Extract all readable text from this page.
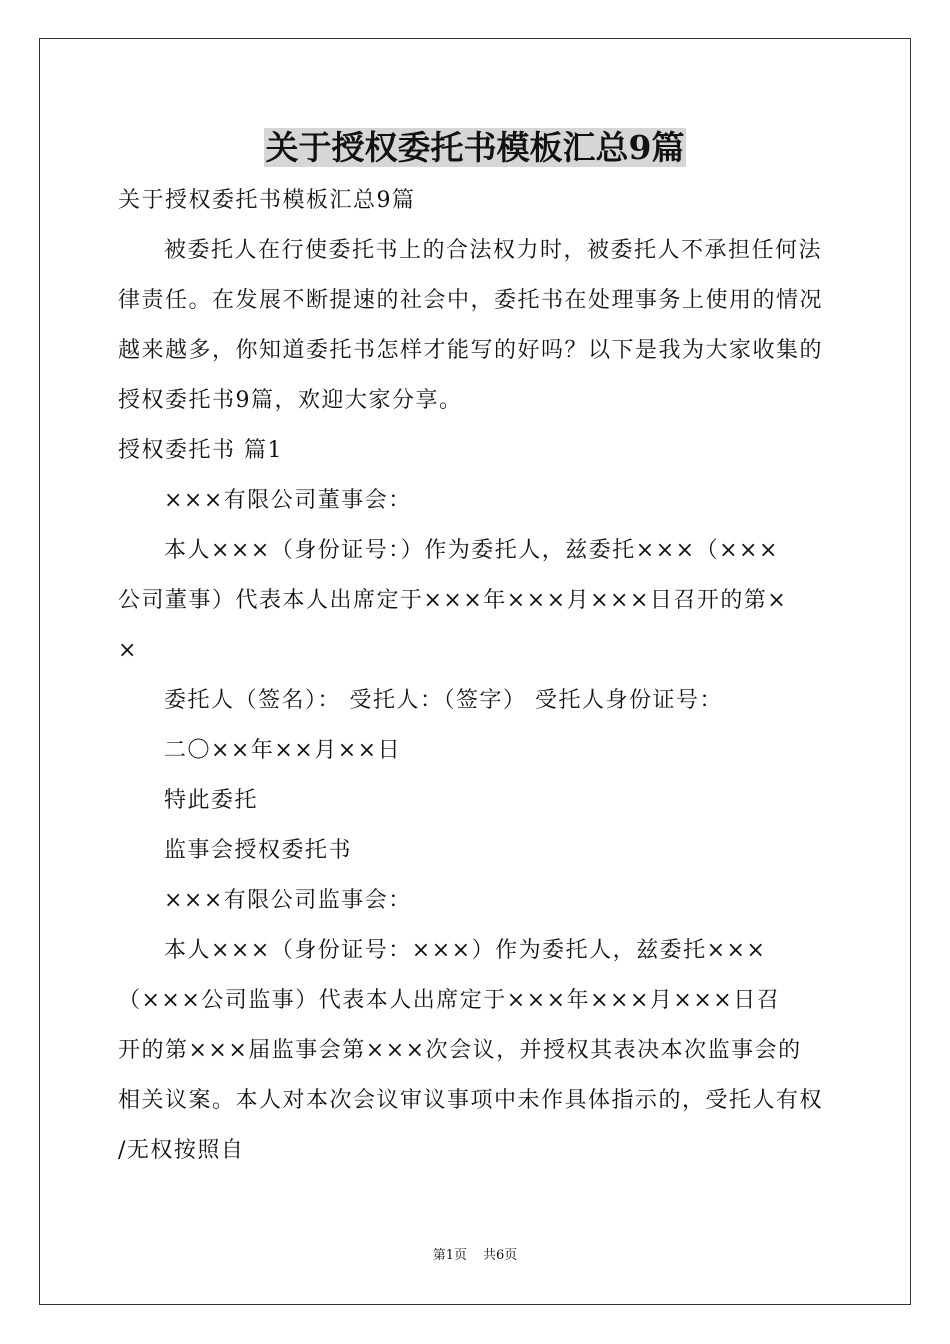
关于授权委托书模板汇总9篇
关于授权委托书模板汇总9篇
被委托人在行使委托书上的合法权力时，被委托人不承担任何法
律责任。在发展不断提速的社会中，委托书在处理事务上使用的情况
越来越多，你知道委托书怎样才能写的好吗？以下是我为大家收集的
授权委托书9篇，欢迎大家分享。
授权委托书 篇1
×××有限公司董事会：
本人×××（身份证号：）作为委托人，兹委托×××（×××
公司董事）代表本人出席定于×××年×××月×××日召开的第×
×
委托人（签名）： 受托人：（签字） 受托人身份证号：
二〇××年××月××日
特此委托
监事会授权委托书
×××有限公司监事会：
本人×××（身份证号：×××）作为委托人，兹委托×××
（×××公司监事）代表本人出席定于×××年×××月×××日召
开的第×××届监事会第×××次会议，并授权其表决本次监事会的
相关议案。本人对本次会议审议事项中未作具体指示的，受托人有权
/无权按照自
第1页 共6页
